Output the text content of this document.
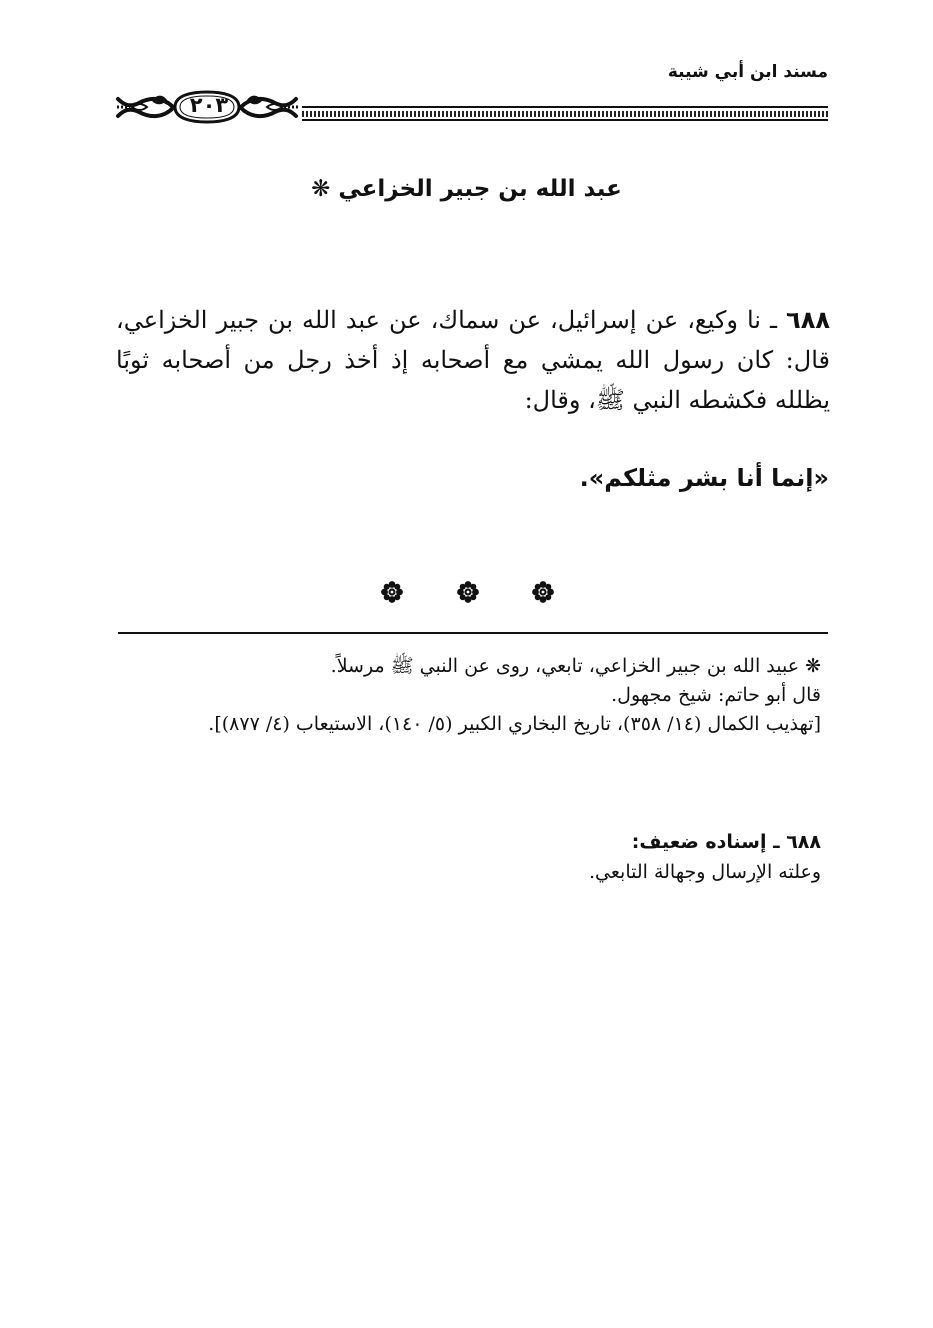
مسند ابن أبي شيبة
٢٠٣
عبد الله بن جبير الخزاعي ❋
٦٨٨ ـ نا وكيع، عن إسرائيل، عن سماك، عن عبد الله بن جبير الخزاعي، قال: كان رسول الله يمشي مع أصحابه إذ أخذ رجل من أصحابه ثوبًا يظلله فكشطه النبي ﷺ، وقال:
«إنما أنا بشر مثلكم».
❋ عبيد الله بن جبير الخزاعي، تابعي، روى عن النبي ﷺ مرسلاً.
قال أبو حاتم: شيخ مجهول.
[تهذيب الكمال (١٤/ ٣٥٨)، تاريخ البخاري الكبير (٥/ ١٤٠)، الاستيعاب (٤/ ٨٧٧)].
٦٨٨ ـ إسناده ضعيف:
وعلته الإرسال وجهالة التابعي.
